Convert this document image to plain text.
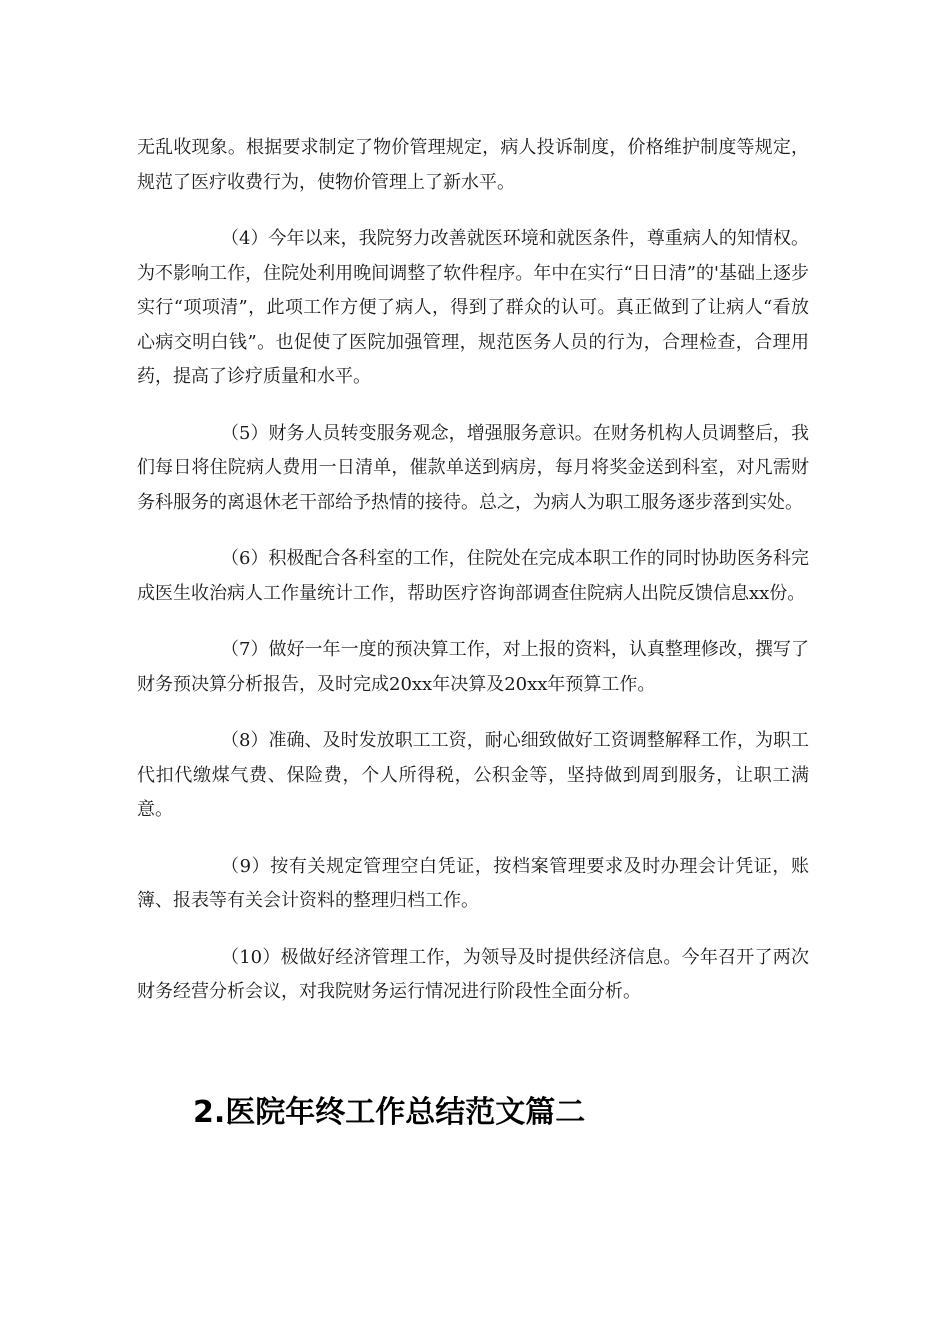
无乱收现象。根据要求制定了物价管理规定，病人投诉制度，价格维护制度等规定，规范了医疗收费行为，使物价管理上了新水平。

（4）今年以来，我院努力改善就医环境和就医条件，尊重病人的知情权。为不影响工作，住院处利用晚间调整了软件程序。年中在实行“日日清”的'基础上逐步实行“项项清”，此项工作方便了病人，得到了群众的认可。真正做到了让病人“看放心病交明白钱”。也促使了医院加强管理，规范医务人员的行为，合理检查，合理用药，提高了诊疗质量和水平。

（5）财务人员转变服务观念，增强服务意识。在财务机构人员调整后，我们每日将住院病人费用一日清单，催款单送到病房，每月将奖金送到科室，对凡需财务科服务的离退休老干部给予热情的接待。总之，为病人为职工服务逐步落到实处。

（6）积极配合各科室的工作，住院处在完成本职工作的同时协助医务科完成医生收治病人工作量统计工作，帮助医疗咨询部调查住院病人出院反馈信息xx份。

（7）做好一年一度的预决算工作，对上报的资料，认真整理修改，撰写了财务预决算分析报告，及时完成20xx年决算及20xx年预算工作。

（8）准确、及时发放职工工资，耐心细致做好工资调整解释工作，为职工代扣代缴煤气费、保险费，个人所得税，公积金等，坚持做到周到服务，让职工满意。

（9）按有关规定管理空白凭证，按档案管理要求及时办理会计凭证，账簿、报表等有关会计资料的整理归档工作。

（10）极做好经济管理工作，为领导及时提供经济信息。今年召开了两次财务经营分析会议，对我院财务运行情况进行阶段性全面分析。

2.医院年终工作总结范文篇二
